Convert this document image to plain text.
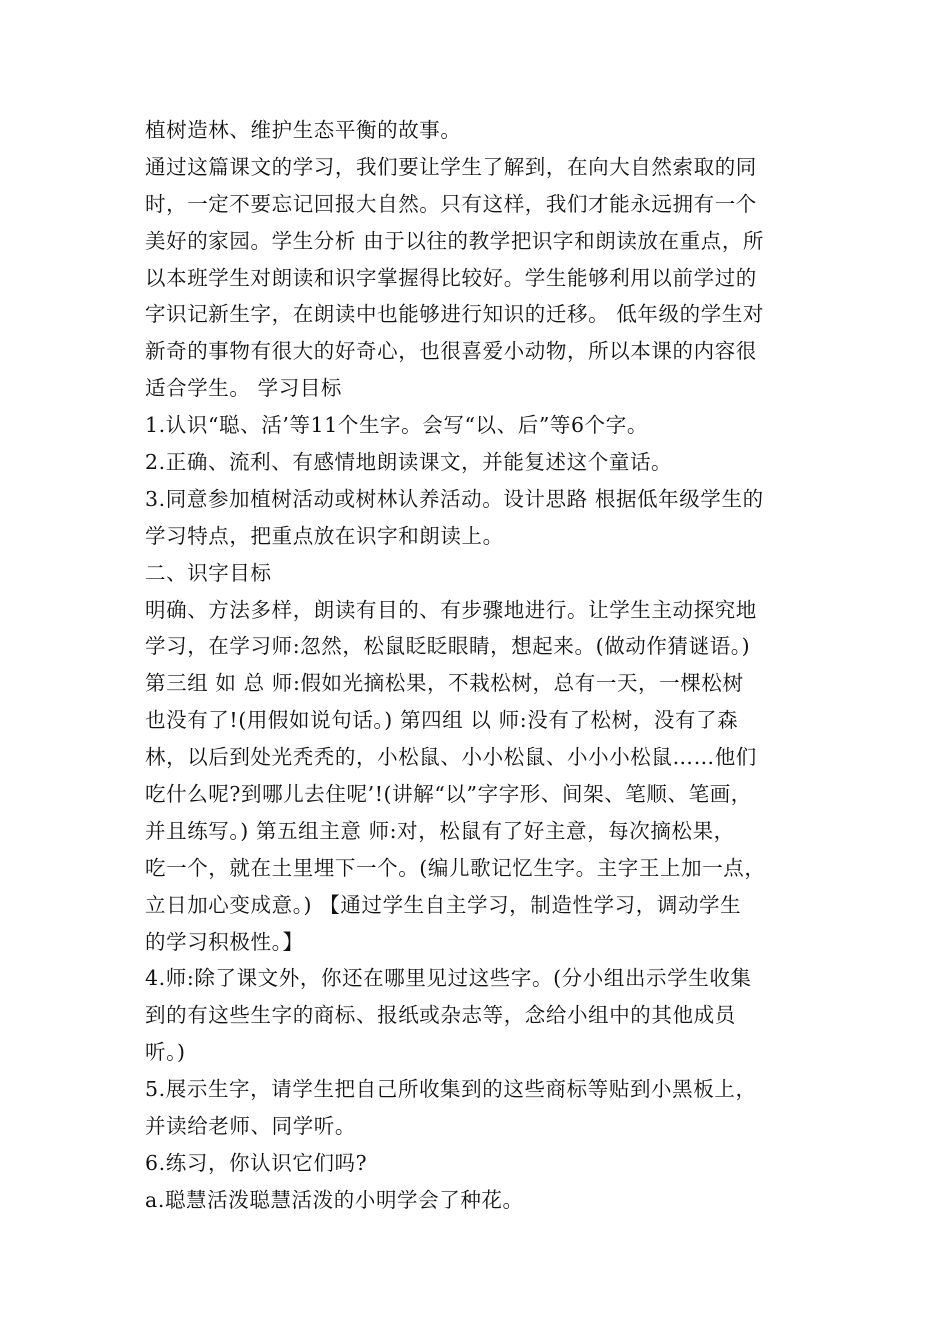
植树造林、维护生态平衡的故事。
通过这篇课文的学习，我们要让学生了解到，在向大自然索取的同
时，一定不要忘记回报大自然。只有这样，我们才能永远拥有一个
美好的家园。学生分析 由于以往的教学把识字和朗读放在重点，所
以本班学生对朗读和识字掌握得比较好。学生能够利用以前学过的
字识记新生字，在朗读中也能够进行知识的迁移。 低年级的学生对
新奇的事物有很大的好奇心，也很喜爱小动物，所以本课的内容很
适合学生。 学习目标
1.认识“聪、活’等11个生字。会写“以、后”等6个字。
2.正确、流利、有感情地朗读课文，并能复述这个童话。
3.同意参加植树活动或树林认养活动。设计思路 根据低年级学生的
学习特点，把重点放在识字和朗读上。
二、识字目标
明确、方法多样，朗读有目的、有步骤地进行。让学生主动探究地
学习，在学习师:忽然，松鼠眨眨眼睛，想起来。(做动作猜谜语。)
第三组 如 总 师:假如光摘松果，不栽松树，总有一天，一棵松树
也没有了!(用假如说句话。) 第四组 以 师:没有了松树，没有了森
林，以后到处光秃秃的，小松鼠、小小松鼠、小小小松鼠……他们
吃什么呢?到哪儿去住呢’!(讲解“以”字字形、间架、笔顺、笔画，
并且练写。) 第五组主意 师:对，松鼠有了好主意，每次摘松果，
吃一个，就在土里埋下一个。(编儿歌记忆生字。主字王上加一点，
立日加心变成意。) 【通过学生自主学习，制造性学习，调动学生
的学习积极性。】
4.师:除了课文外，你还在哪里见过这些字。(分小组出示学生收集
到的有这些生字的商标、报纸或杂志等，念给小组中的其他成员
听。)
5.展示生字，请学生把自己所收集到的这些商标等贴到小黑板上，
并读给老师、同学听。
6.练习，你认识它们吗?
a.聪慧活泼聪慧活泼的小明学会了种花。
